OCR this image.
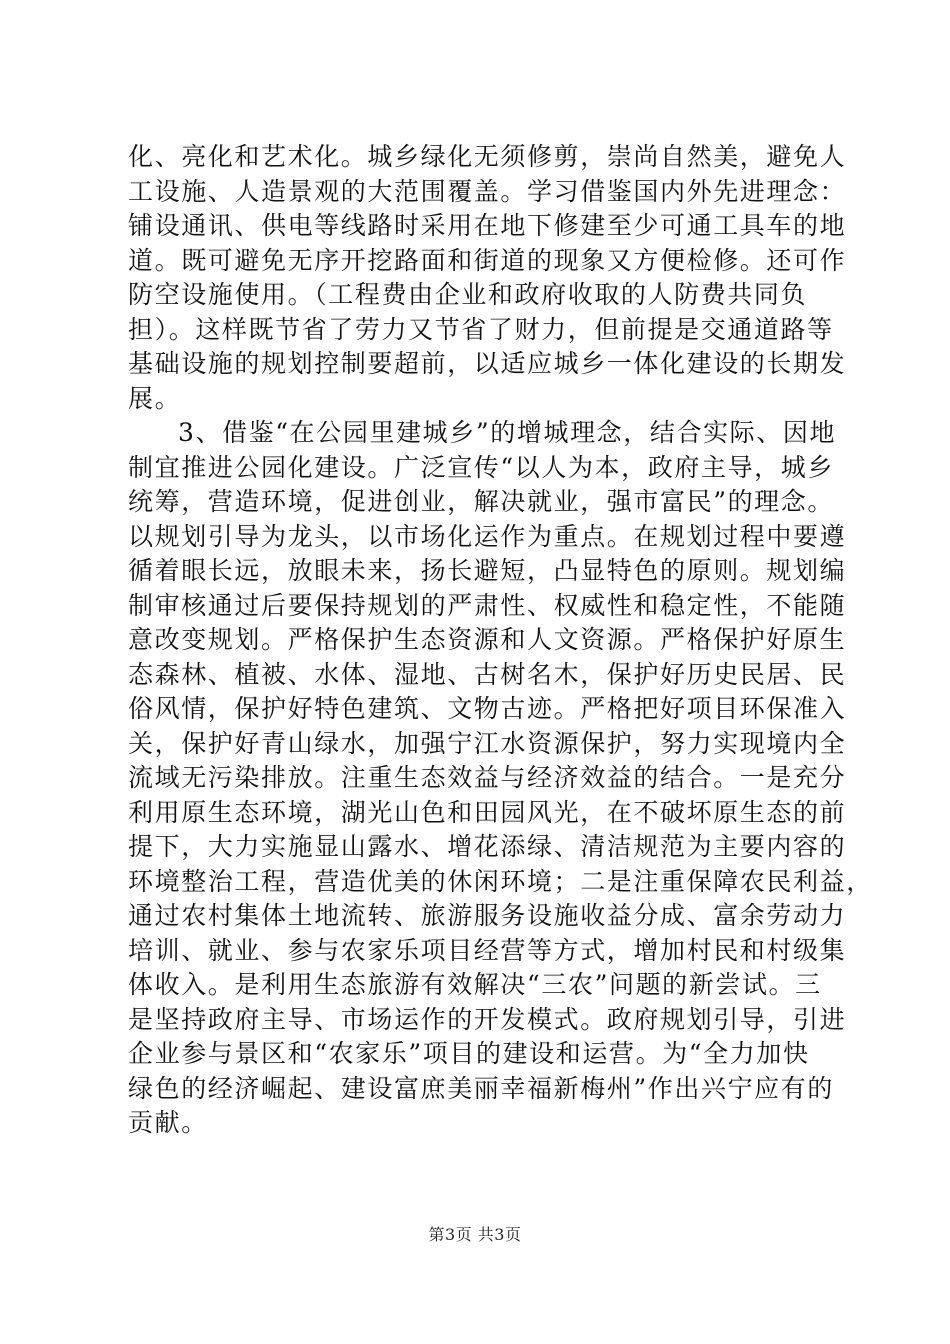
化、亮化和艺术化。城乡绿化无须修剪，崇尚自然美，避免人
工设施、人造景观的大范围覆盖。学习借鉴国内外先进理念：
铺设通讯、供电等线路时采用在地下修建至少可通工具车的地
道。既可避免无序开挖路面和街道的现象又方便检修。还可作
防空设施使用。（工程费由企业和政府收取的人防费共同负
担）。这样既节省了劳力又节省了财力，但前提是交通道路等
基础设施的规划控制要超前，以适应城乡一体化建设的长期发
展。
3、借鉴“在公园里建城乡”的增城理念，结合实际、因地
制宜推进公园化建设。广泛宣传“以人为本，政府主导，城乡
统筹，营造环境，促进创业，解决就业，强市富民”的理念。
以规划引导为龙头，以市场化运作为重点。在规划过程中要遵
循着眼长远，放眼未来，扬长避短，凸显特色的原则。规划编
制审核通过后要保持规划的严肃性、权威性和稳定性，不能随
意改变规划。严格保护生态资源和人文资源。严格保护好原生
态森林、植被、水体、湿地、古树名木，保护好历史民居、民
俗风情，保护好特色建筑、文物古迹。严格把好项目环保准入
关，保护好青山绿水，加强宁江水资源保护，努力实现境内全
流域无污染排放。注重生态效益与经济效益的结合。一是充分
利用原生态环境，湖光山色和田园风光，在不破坏原生态的前
提下，大力实施显山露水、增花添绿、清洁规范为主要内容的
环境整治工程，营造优美的休闲环境；二是注重保障农民利益，
通过农村集体土地流转、旅游服务设施收益分成、富余劳动力
培训、就业、参与农家乐项目经营等方式，增加村民和村级集
体收入。是利用生态旅游有效解决“三农”问题的新尝试。三
是坚持政府主导、市场运作的开发模式。政府规划引导，引进
企业参与景区和“农家乐”项目的建设和运营。为“全力加快
绿色的经济崛起、建设富庶美丽幸福新梅州”作出兴宁应有的
贡献。
第3页 共3页
